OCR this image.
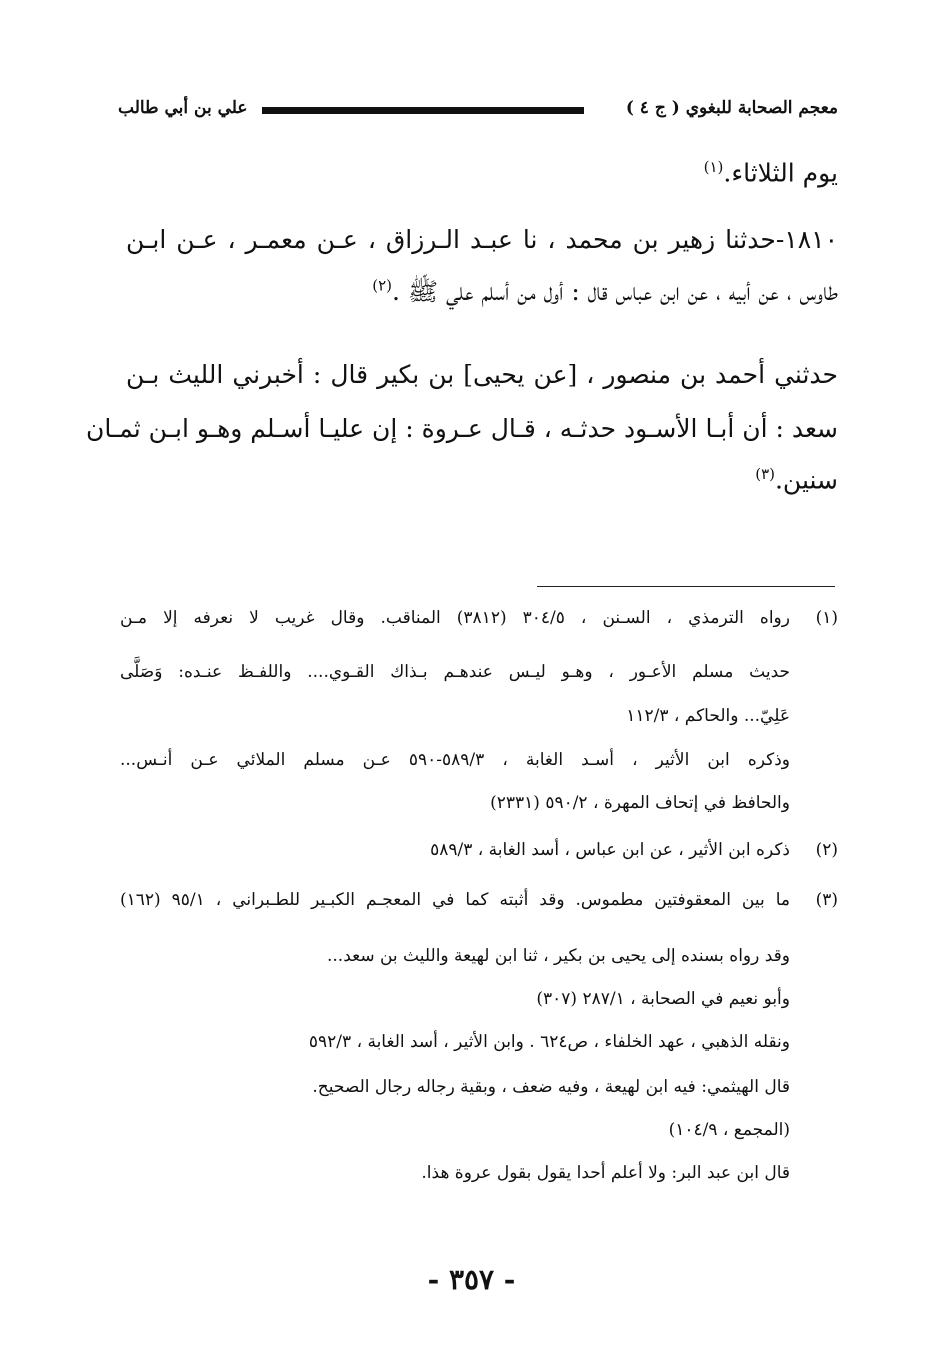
معجم الصحابة للبغوي ( ج ٤ )
علي بن أبي طالب
يوم الثلاثاء.$^{(١)}$
١٨١٠-حدثنا زهير بن محمد ، نا عبـد الـرزاق ، عـن معمـر ، عـن ابـن
طاوس ، عن أبيه ، عن ابن عباس قال : أول من أسلم علي ﷺ .$^{(٢)}$
حدثني أحمد بن منصور ، [عن يحيى] بن بكير قال : أخبرني الليث بـن
سعد : أن أبـا الأسـود حدثـه ، قـال عـروة : إن عليـا أسـلم وهـو ابـن ثمـان
سنين.$^{(٣)}$
(١)
رواه الترمذي ، السـنن ، ٣٠٤/٥ (٣٨١٢) المناقب. وقال غريب لا نعرفه إلا مـن
حديث مسلم الأعـور ، وهـو ليـس عندهـم بـذاك القـوي.... واللفـظ عنـده: وَصَلَّى
عَلِيّ... والحاكم ، ١١٢/٣
وذكره ابن الأثير ، أسـد الغابة ، ٥٨٩/٣-٥٩٠ عـن مسلم الملائي عـن أنـس...
والحافظ في إتحاف المهرة ، ٥٩٠/٢ (٢٣٣١)
(٢)
ذكره ابن الأثير ، عن ابن عباس ، أسد الغابة ، ٥٨٩/٣
(٣)
ما بين المعقوفتين مطموس. وقد أثبته كما في المعجـم الكبـير للطـبراني ، ٩٥/١ (١٦٢)
وقد رواه بسنده إلى يحيى بن بكير ، ثنا ابن لهيعة والليث بن سعد...
وأبو نعيم في الصحابة ، ٢٨٧/١ (٣٠٧)
ونقله الذهبي ، عهد الخلفاء ، ص٦٢٤ . وابن الأثير ، أسد الغابة ، ٥٩٢/٣
قال الهيثمي: فيه ابن لهيعة ، وفيه ضعف ، وبقية رجاله رجال الصحيح.
(المجمع ، ١٠٤/٩)
قال ابن عبد البر: ولا أعلم أحدا يقول بقول عروة هذا.
- ٣٥٧ -
